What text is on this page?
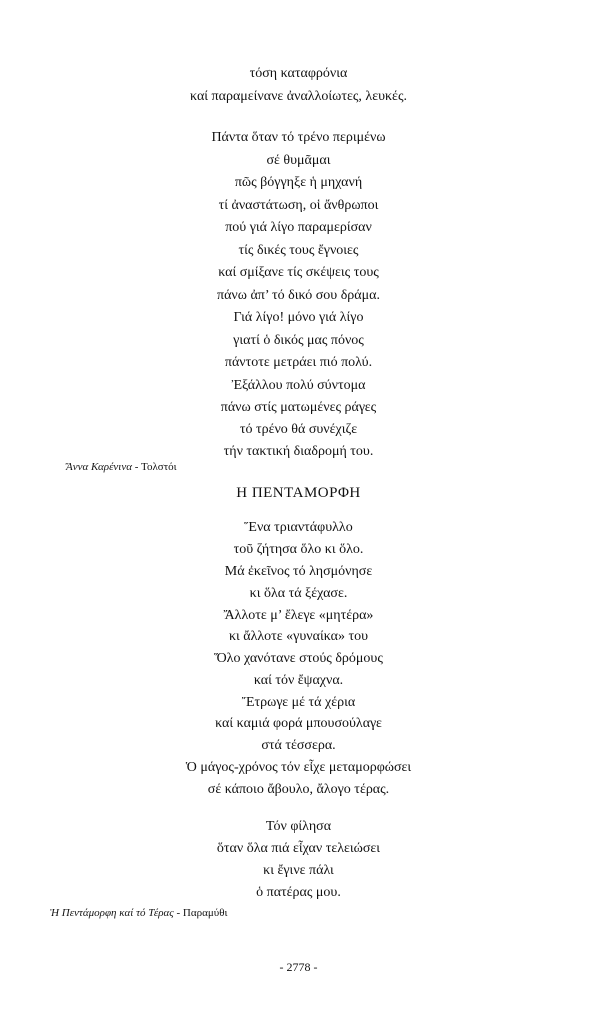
τόση καταφρόνια
καί παραμείνανε ἀναλλοίωτες, λευκές.
Πάντα ὅταν τό τρένο περιμένω
σέ θυμᾶμαι
πῶς βόγγηξε ἡ μηχανή
τί ἀναστάτωση, οἱ ἄνθρωποι
πού γιά λίγο παραμερίσαν
τίς δικές τους ἔγνοιες
καί σμίξανε τίς σκέψεις τους
πάνω ἀπ’ τό δικό σου δράμα.
Γιά λίγο! μόνο γιά λίγο
γιατί ὁ δικός μας πόνος
πάντοτε μετράει πιό πολύ.
Ἐξάλλου πολύ σύντομα
πάνω στίς ματωμένες ράγες
τό τρένο θά συνέχιζε
τήν τακτική διαδρομή του.
Ἄννα Καρένινα - Τολστόι
Η ΠΕΝΤΑΜΟΡΦΗ
Ἕνα τριαντάφυλλο
τοῦ ζήτησα ὅλο κι ὅλο.
Μά ἐκεῖνος τό λησμόνησε
κι ὅλα τά ξέχασε.
Ἄλλοτε μ’ ἔλεγε «μητέρα»
κι ἄλλοτε «γυναίκα» του
Ὅλο χανότανε στούς δρόμους
καί τόν ἔψαχνα.
Ἔτρωγε μέ τά χέρια
καί καμιά φορά μπουσούλαγε
στά τέσσερα.
Ὁ μάγος-χρόνος τόν εἶχε μεταμορφώσει
σέ κάποιο ἄβουλο, ἄλογο τέρας.
Τόν φίλησα
ὅταν ὅλα πιά εἶχαν τελειώσει
κι ἔγινε πάλι
ὁ πατέρας μου.
Ἡ Πεντάμορφη καί τό Τέρας - Παραμύθι
- 2778 -
